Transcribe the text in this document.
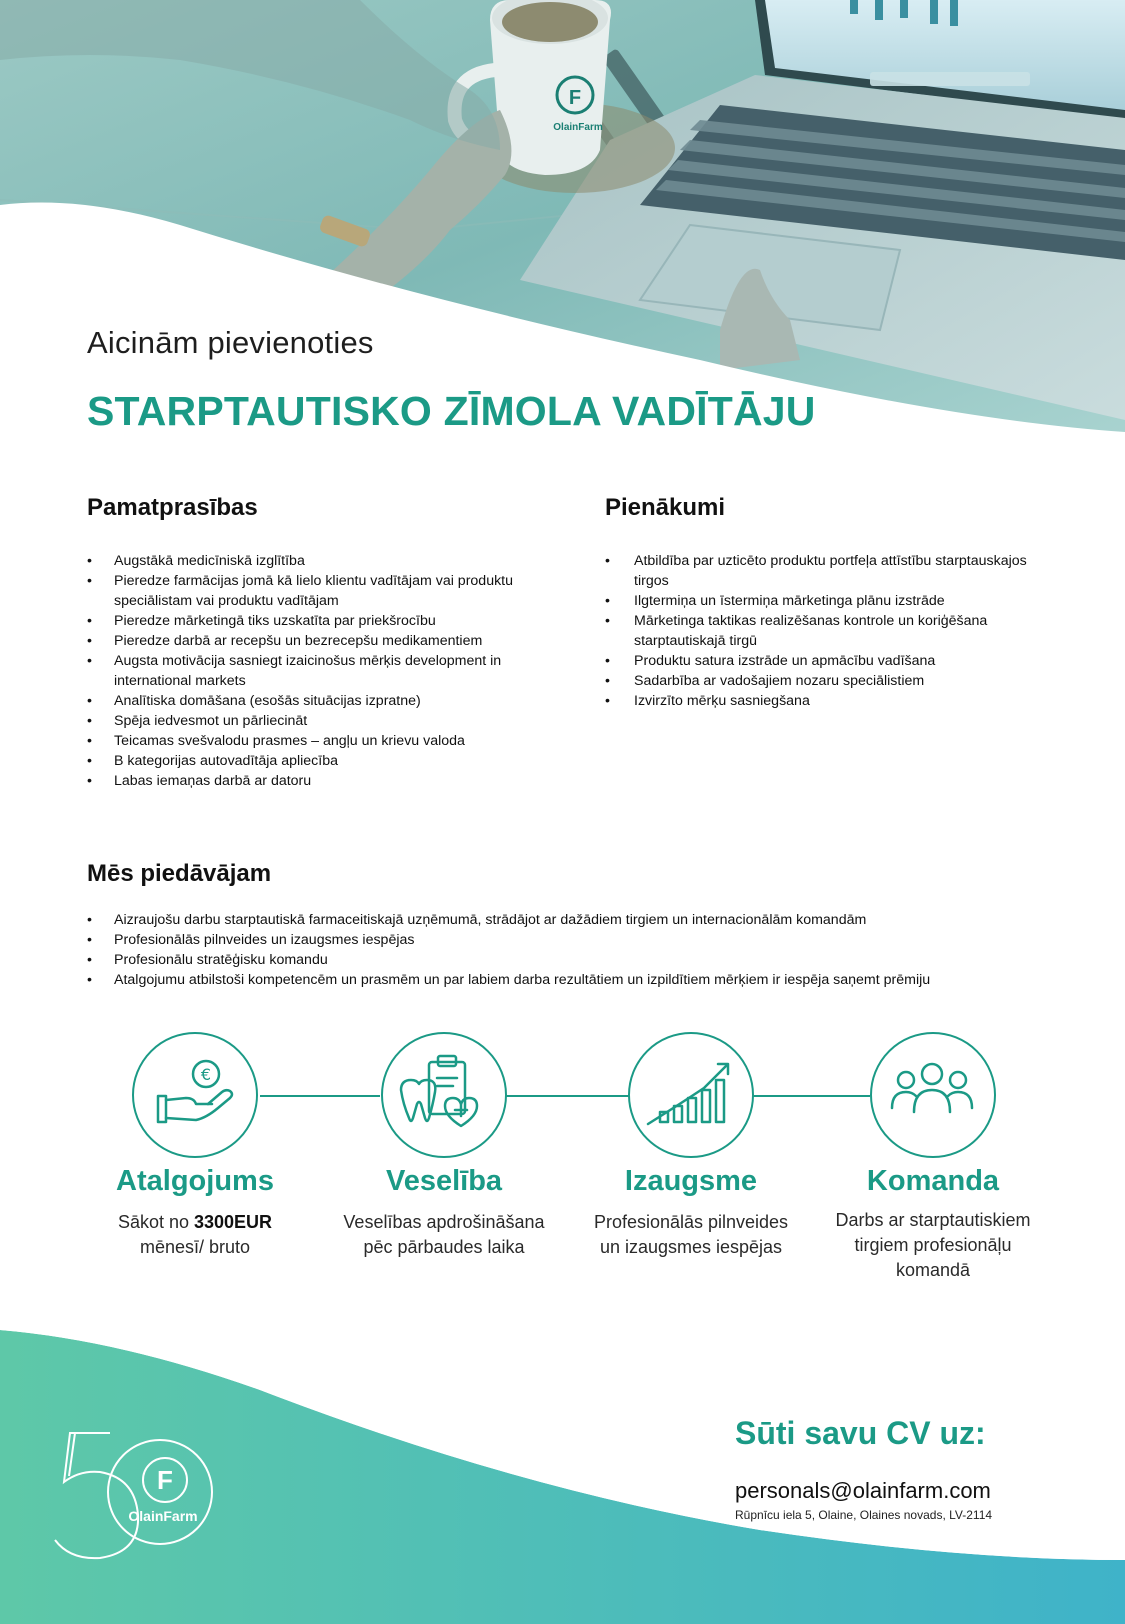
F
OlainFarm
Aicinām pievienoties
STARPTAUTISKO ZĪMOLA VADĪTĀJU
Pamatprasības
• Augstākā medicīniskā izglītība
• Pieredze farmācijas jomā kā lielo klientu vadītājam vai produktu speciālistam vai produktu vadītājam
• Pieredze mārketingā tiks uzskatīta par priekšrocību
• Pieredze darbā ar recepšu un bezrecepšu medikamentiem
• Augsta motivācija sasniegt izaicinošus mērķis development in international markets
• Analītiska domāšana (esošās situācijas izpratne)
• Spēja iedvesmot un pārliecināt
• Teicamas svešvalodu prasmes – angļu un krievu valoda
• B kategorijas autovadītāja apliecība
• Labas iemaņas darbā ar datoru
Pienākumi
• Atbildība par uzticēto produktu portfeļa attīstību starptauskajos tirgos
• Ilgtermiņa un īstermiņa mārketinga plānu izstrāde
• Mārketinga taktikas realizēšanas kontrole un koriģēšana starptautiskajā tirgū
• Produktu satura izstrāde un apmācību vadīšana
• Sadarbība ar vadošajiem nozaru speciālistiem
• Izvirzīto mērķu sasniegšana
Mēs piedāvājam
• Aizraujošu darbu starptautiskā farmaceitiskajā uzņēmumā, strādājot ar dažādiem tirgiem un internacionālām komandām
• Profesionālās pilnveides un izaugsmes iespējas
• Profesionālu stratēģisku komandu
• Atalgojumu atbilstoši kompetencēm un prasmēm un par labiem darba rezultātiem un izpildītiem mērķiem ir iespēja saņemt prēmiju
€
Atalgojums
Sākot no 3300EUR
mēnesī/ bruto
Veselība
Veselības apdrošināšana
pēc pārbaudes laika
Izaugsme
Profesionālās pilnveides
un izaugsmes iespējas
Komanda
Darbs ar starptautiskiem
tirgiem profesionāļu
komandā
F
OlainFarm
Sūti savu CV uz:
personals@olainfarm.com
Rūpnīcu iela 5, Olaine, Olaines novads, LV-2114
